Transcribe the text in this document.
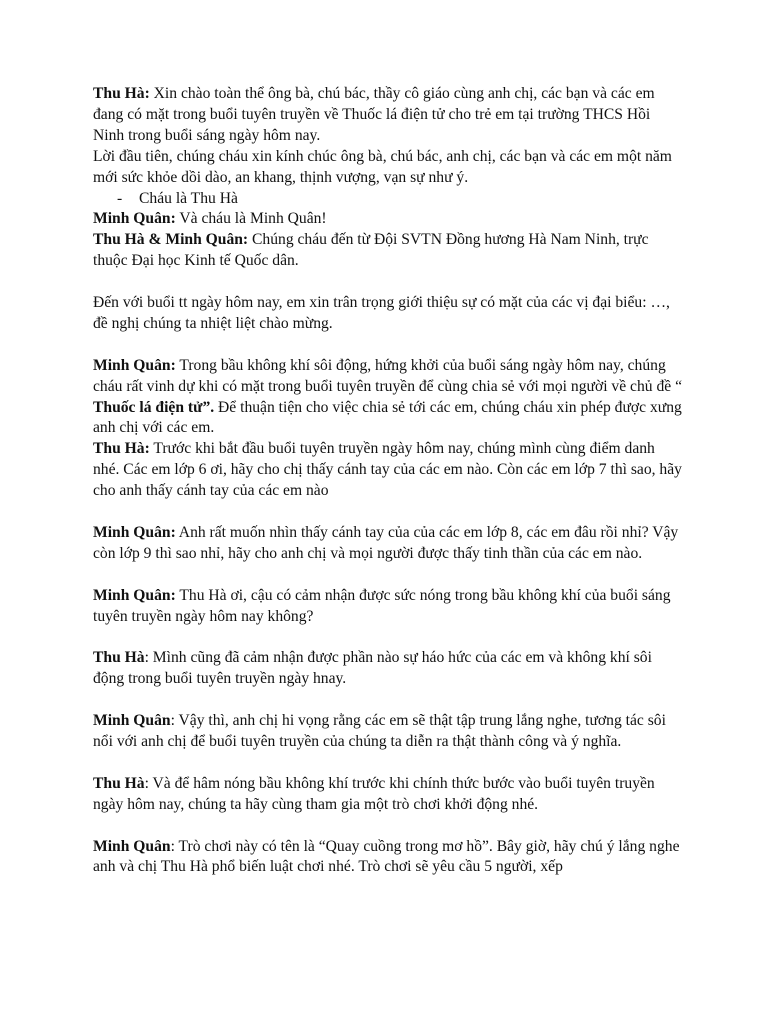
Thu Hà: Xin chào toàn thể ông bà, chú bác, thầy cô giáo cùng anh chị, các bạn và các em đang có mặt trong buổi tuyên truyền về Thuốc lá điện tử cho trẻ em tại trường THCS Hồi Ninh trong buổi sáng ngày hôm nay.

Lời đầu tiên, chúng cháu xin kính chúc ông bà, chú bác, anh chị, các bạn và các em một năm mới sức khỏe dồi dào, an khang, thịnh vượng, vạn sự như ý.

-	Cháu là Thu Hà

Minh Quân: Và cháu là Minh Quân!

Thu Hà & Minh Quân: Chúng cháu đến từ Đội SVTN Đồng hương Hà Nam Ninh, trực thuộc Đại học Kinh tế Quốc dân.

Đến với buổi tt ngày hôm nay, em xin trân trọng giới thiệu sự có mặt của các vị đại biểu: …, đề nghị chúng ta nhiệt liệt chào mừng.

Minh Quân: Trong bầu không khí sôi động, hứng khởi của buổi sáng ngày hôm nay, chúng cháu rất vinh dự khi có mặt trong buổi tuyên truyền để cùng chia sẻ với mọi người về chủ đề “ Thuốc lá điện tử”. Để thuận tiện cho việc chia sẻ tới các em, chúng cháu xin phép được xưng anh chị với các em.

Thu Hà: Trước khi bắt đầu buổi tuyên truyền ngày hôm nay, chúng mình cùng điểm danh nhé. Các em lớp 6 ơi, hãy cho chị thấy cánh tay của các em nào. Còn các em lớp 7 thì sao, hãy cho anh thấy cánh tay của các em nào

Minh Quân: Anh rất muốn nhìn thấy cánh tay của của các em lớp 8, các em đâu rồi nhỉ? Vậy còn lớp 9 thì sao nhỉ, hãy cho anh chị và mọi người được thấy tinh thần của các em nào.

Minh Quân: Thu Hà ơi, cậu có cảm nhận được sức nóng trong bầu không khí của buổi sáng tuyên truyền ngày hôm nay không?

Thu Hà: Mình cũng đã cảm nhận được phần nào sự háo hức của các em và không khí sôi động trong buổi tuyên truyền ngày hnay.

Minh Quân: Vậy thì, anh chị hi vọng rằng các em sẽ thật tập trung lắng nghe, tương tác sôi nổi với anh chị để buổi tuyên truyền của chúng ta diễn ra thật thành công và ý nghĩa.

Thu Hà: Và để hâm nóng bầu không khí trước khi chính thức bước vào buổi tuyên truyền ngày hôm nay, chúng ta hãy cùng tham gia một trò chơi khởi động nhé.

Minh Quân: Trò chơi này có tên là “Quay cuồng trong mơ hồ”. Bây giờ, hãy chú ý lắng nghe anh và chị Thu Hà phổ biến luật chơi nhé. Trò chơi sẽ yêu cầu 5 người, xếp
